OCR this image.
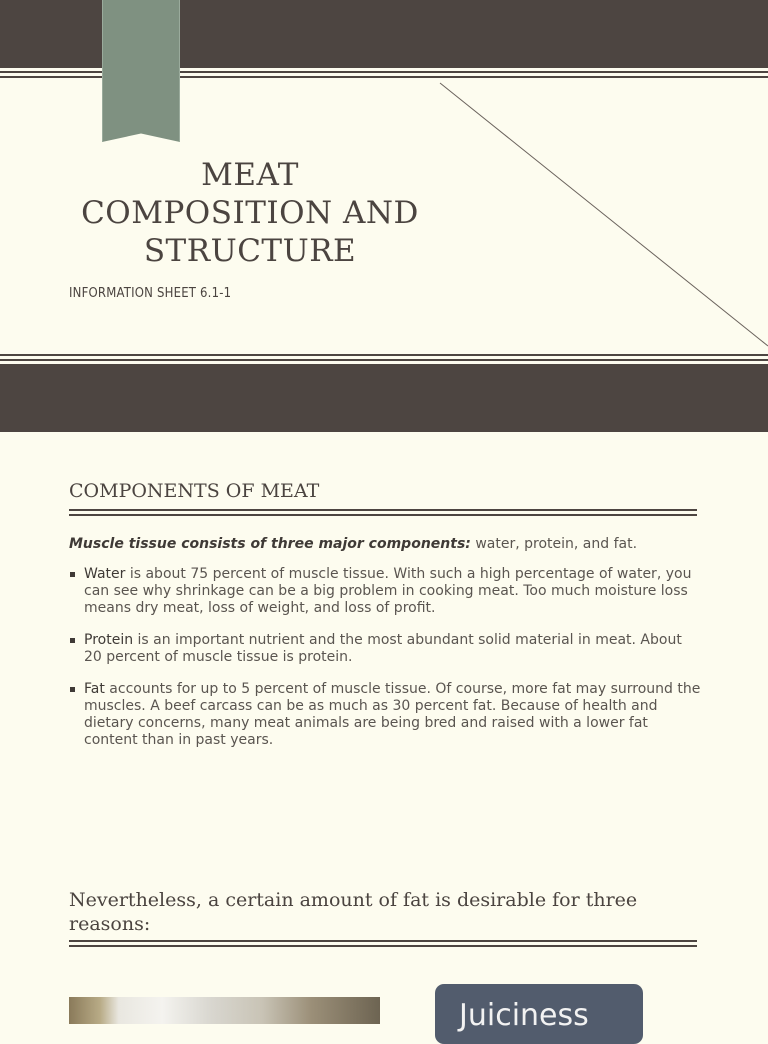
MEAT
COMPOSITION AND
STRUCTURE
INFORMATION SHEET 6.1-1
COMPONENTS OF MEAT
Muscle tissue consists of three major components: water, protein, and fat.
Water is about 75 percent of muscle tissue. With such a high percentage of water, you can see why shrinkage can be a big problem in cooking meat. Too much moisture loss means dry meat, loss of weight, and loss of profit.
Protein is an important nutrient and the most abundant solid material in meat. About 20 percent of muscle tissue is protein.
Fat accounts for up to 5 percent of muscle tissue. Of course, more fat may surround the muscles. A beef carcass can be as much as 30 percent fat. Because of health and dietary concerns, many meat animals are being bred and raised with a lower fat content than in past years.
Nevertheless, a certain amount of fat is desirable for three reasons:
Juiciness
